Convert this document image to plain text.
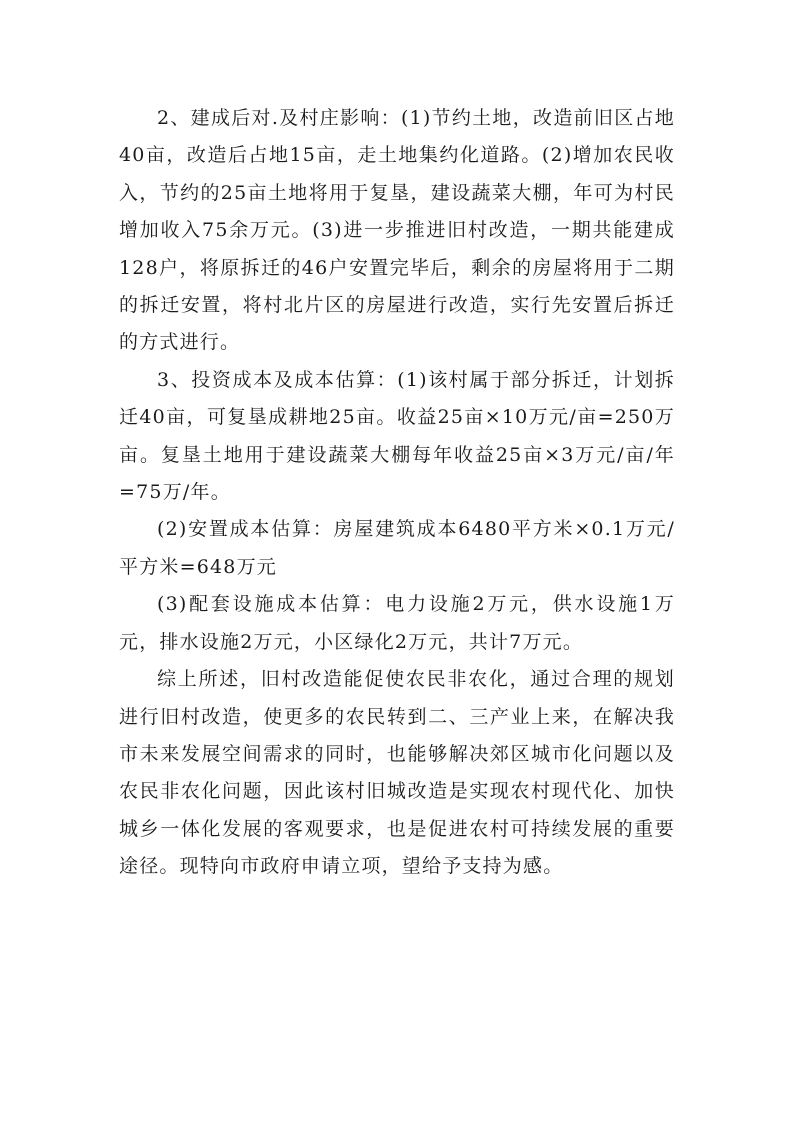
2、建成后对.及村庄影响：(1)节约土地，改造前旧区占地40亩，改造后占地15亩，走土地集约化道路。(2)增加农民收入，节约的25亩土地将用于复垦，建设蔬菜大棚，年可为村民增加收入75余万元。(3)进一步推进旧村改造，一期共能建成128户，将原拆迁的46户安置完毕后，剩余的房屋将用于二期的拆迁安置，将村北片区的房屋进行改造，实行先安置后拆迁的方式进行。

3、投资成本及成本估算：(1)该村属于部分拆迁，计划拆迁40亩，可复垦成耕地25亩。收益25亩×10万元/亩=250万亩。复垦土地用于建设蔬菜大棚每年收益25亩×3万元/亩/年=75万/年。

(2)安置成本估算：房屋建筑成本6480平方米×0.1万元/平方米=648万元

(3)配套设施成本估算：电力设施2万元，供水设施1万元，排水设施2万元，小区绿化2万元，共计7万元。

综上所述，旧村改造能促使农民非农化，通过合理的规划进行旧村改造，使更多的农民转到二、三产业上来，在解决我市未来发展空间需求的同时，也能够解决郊区城市化问题以及农民非农化问题，因此该村旧城改造是实现农村现代化、加快城乡一体化发展的客观要求，也是促进农村可持续发展的重要途径。现特向市政府申请立项，望给予支持为感。
